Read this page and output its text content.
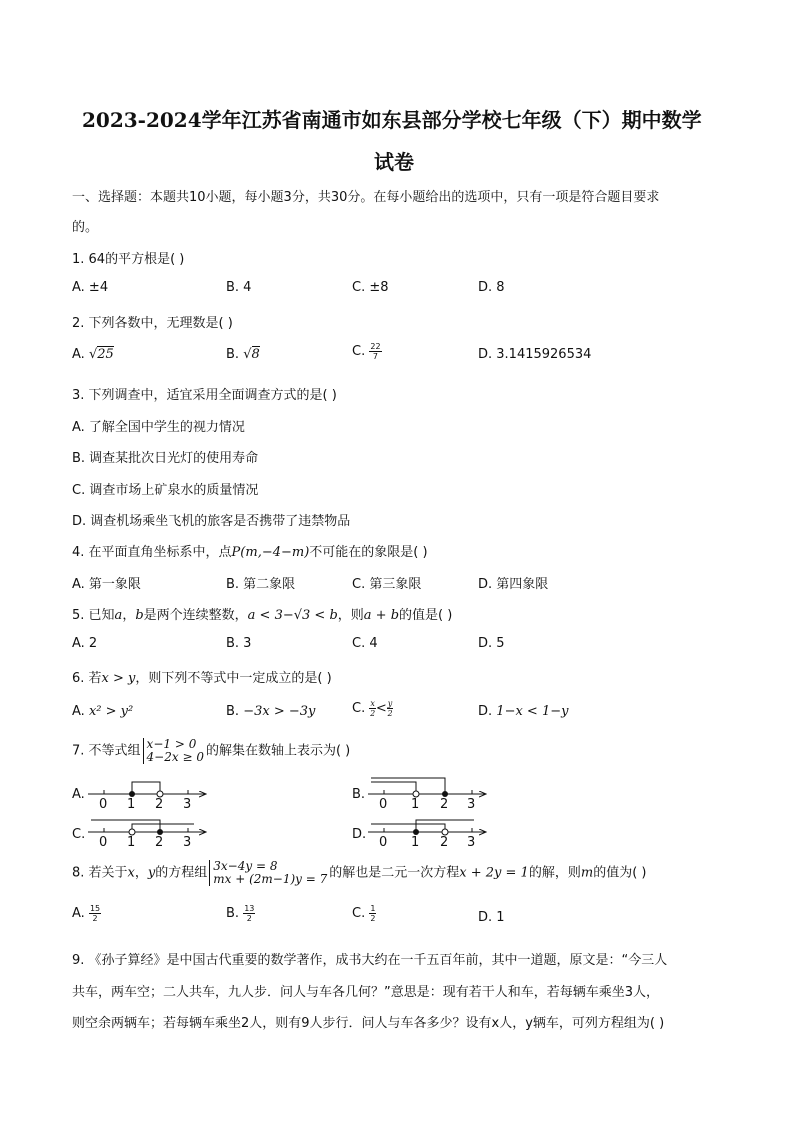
2023-2024学年江苏省南通市如东县部分学校七年级（下）期中数学
试卷
一、选择题：本题共10小题，每小题3分，共30分。在每小题给出的选项中，只有一项是符合题目要求
的。
1. 64的平方根是( )
A. ±4	B. 4	C. ±8	D. 8
2. 下列各数中，无理数是( )
A. √25	B. √8	C. $\frac{22}{7}$	D. 3.1415926534
3. 下列调查中，适宜采用全面调查方式的是( )
A. 了解全国中学生的视力情况
B. 调查某批次日光灯的使用寿命
C. 调查市场上矿泉水的质量情况
D. 调查机场乘坐飞机的旅客是否携带了违禁物品
4. 在平面直角坐标系中，点P(m,−4−m)不可能在的象限是( )
A. 第一象限	B. 第二象限	C. 第三象限	D. 第四象限
5. 已知a，b是两个连续整数，a < 3−√3 < b，则a + b的值是( )
A. 2	B. 3	C. 4	D. 5
6. 若x > y，则下列不等式中一定成立的是( )
A. x² > y²	B. −3x > −3y	C. $\frac{x}{2} < \frac{y}{2}$	D. 1−x < 1−y
7. 不等式组 x−1 > 0
4−2x ≥ 0 的解集在数轴上表示为( )
A.
0 1 2 3
B.
0 1 2 3
C.
0 1 2 3
D.
0 1 2 3
8. 若关于x，y的方程组 3x−4y = 8
mx + (2m−1)y = 7 的解也是二元一次方程x + 2y = 1的解，则m的值为( )
A. $\frac{15}{2}$	B. $\frac{13}{2}$	C. $\frac{1}{2}$	D. 1
9. 《孙子算经》是中国古代重要的数学著作，成书大约在一千五百年前，其中一道题，原文是：“今三人
共车，两车空；二人共车，九人步．问人与车各几何？”意思是：现有若干人和车，若每辆车乘坐3人，
则空余两辆车；若每辆车乘坐2人，则有9人步行．问人与车各多少？设有x人，y辆车，可列方程组为( )
